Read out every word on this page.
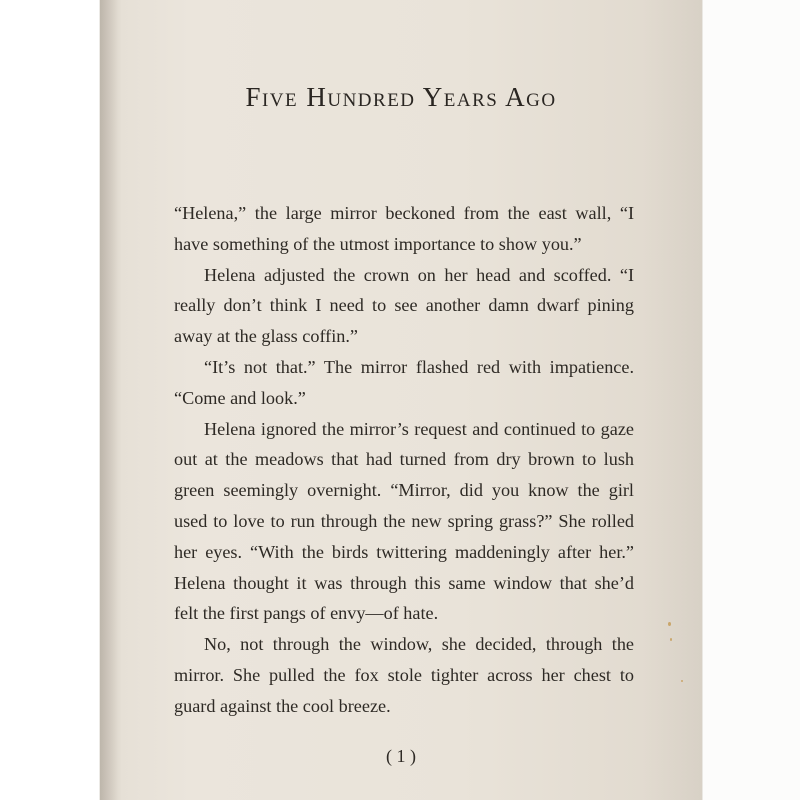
Five Hundred Years Ago

“Helena,” the large mirror beckoned from the east wall, “I have something of the utmost importance to show you.”

Helena adjusted the crown on her head and scoffed. “I really don’t think I need to see another damn dwarf pining away at the glass coffin.”

“It’s not that.” The mirror flashed red with impatience. “Come and look.”

Helena ignored the mirror’s request and continued to gaze out at the meadows that had turned from dry brown to lush green seemingly overnight. “Mirror, did you know the girl used to love to run through the new spring grass?” She rolled her eyes. “With the birds twittering maddeningly after her.” Helena thought it was through this same window that she’d felt the first pangs of envy—of hate.

No, not through the window, she decided, through the mirror. She pulled the fox stole tighter across her chest to guard against the cool breeze.

( 1 )
